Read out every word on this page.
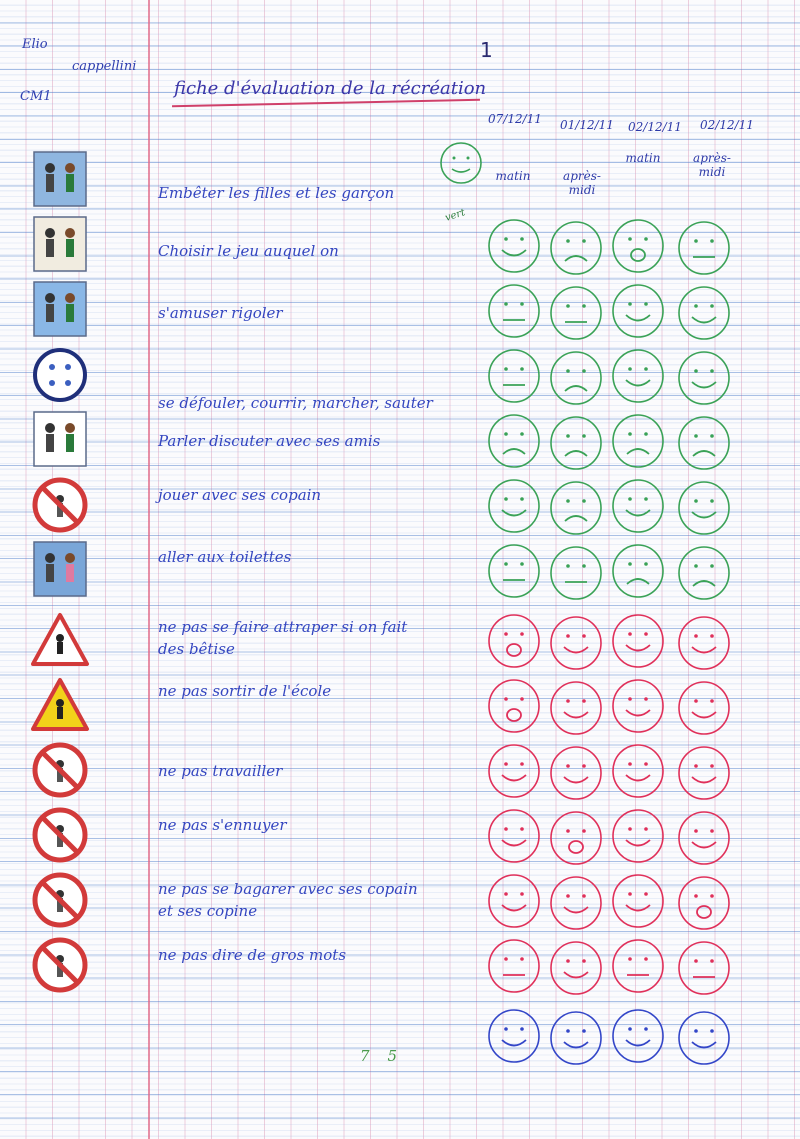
Elio
cappellini
CM1
1
fiche d'évaluation de la récréation
07/12/11 01/12/11 02/12/11 02/12/11
matin	après-midi
matin	après-midi
vert
75
Embêter les filles et les garçon
Choisir le jeu auquel on
s'amuser rigoler
se défouler, courrir, marcher, sauter
Parler discuter avec ses amis
jouer avec ses copain
aller aux toilettes
ne pas se faire attraper si on fait
des bêtise
ne pas sortir de l'école
ne pas travailler
ne pas s'ennuyer
ne pas se bagarer avec ses copain
et ses copine
ne pas dire de gros mots
